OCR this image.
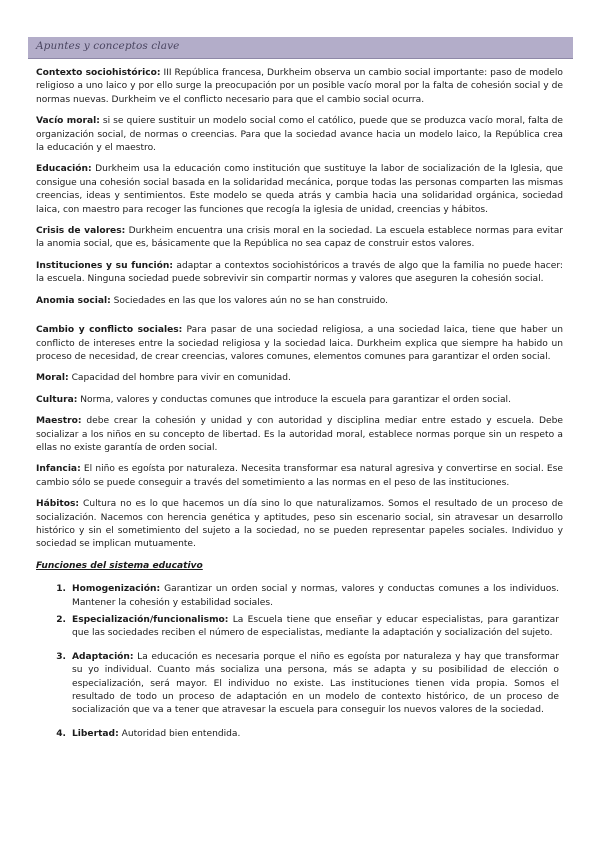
Apuntes y conceptos clave

Contexto sociohistórico: III República francesa, Durkheim observa un cambio social importante: paso de modelo religioso a uno laico y por ello surge la preocupación por un posible vacío moral por la falta de cohesión social y de normas nuevas. Durkheim ve el conflicto necesario para que el cambio social ocurra.

Vacío moral: si se quiere sustituir un modelo social como el católico, puede que se produzca vacío moral, falta de organización social, de normas o creencias. Para que la sociedad avance hacia un modelo laico, la República crea la educación y el maestro.

Educación: Durkheim usa la educación como institución que sustituye la labor de socialización de la Iglesia, que consigue una cohesión social basada en la solidaridad mecánica, porque todas las personas comparten las mismas creencias, ideas y sentimientos. Este modelo se queda atrás y cambia hacia una solidaridad orgánica, sociedad laica, con maestro para recoger las funciones que recogía la iglesia de unidad, creencias y hábitos.

Crisis de valores: Durkheim encuentra una crisis moral en la sociedad. La escuela establece normas para evitar la anomia social, que es, básicamente que la República no sea capaz de construir estos valores.

Instituciones y su función: adaptar a contextos sociohistóricos a través de algo que la familia no puede hacer: la escuela. Ninguna sociedad puede sobrevivir sin compartir normas y valores que aseguren la cohesión social.

Anomia social: Sociedades en las que los valores aún no se han construido.

Cambio y conflicto sociales: Para pasar de una sociedad religiosa, a una sociedad laica, tiene que haber un conflicto de intereses entre la sociedad religiosa y la sociedad laica. Durkheim explica que siempre ha habido un proceso de necesidad, de crear creencias, valores comunes, elementos comunes para garantizar el orden social.

Moral: Capacidad del hombre para vivir en comunidad.

Cultura: Norma, valores y conductas comunes que introduce la escuela para garantizar el orden social.

Maestro: debe crear la cohesión y unidad y con autoridad y disciplina mediar entre estado y escuela. Debe socializar a los niños en su concepto de libertad. Es la autoridad moral, establece normas porque sin un respeto a ellas no existe garantía de orden social.

Infancia: El niño es egoísta por naturaleza. Necesita transformar esa natural agresiva y convertirse en social. Ese cambio sólo se puede conseguir a través del sometimiento a las normas en el peso de las instituciones.

Hábitos: Cultura no es lo que hacemos un día sino lo que naturalizamos. Somos el resultado de un proceso de socialización. Nacemos con herencia genética y aptitudes, peso sin escenario social, sin atravesar un desarrollo histórico y sin el sometimiento del sujeto a la sociedad, no se pueden representar papeles sociales. Individuo y sociedad se implican mutuamente.

Funciones del sistema educativo
1. Homogenización: Garantizar un orden social y normas, valores y conductas comunes a los individuos. Mantener la cohesión y estabilidad sociales.
2. Especialización/funcionalismo: La Escuela tiene que enseñar y educar especialistas, para garantizar que las sociedades reciben el número de especialistas, mediante la adaptación y socialización del sujeto.
3. Adaptación: La educación es necesaria porque el niño es egoísta por naturaleza y hay que transformar su yo individual. Cuanto más socializa una persona, más se adapta y su posibilidad de elección o especialización, será mayor. El individuo no existe. Las instituciones tienen vida propia. Somos el resultado de todo un proceso de adaptación en un modelo de contexto histórico, de un proceso de socialización que va a tener que atravesar la escuela para conseguir los nuevos valores de la sociedad.
4. Libertad: Autoridad bien entendida.
